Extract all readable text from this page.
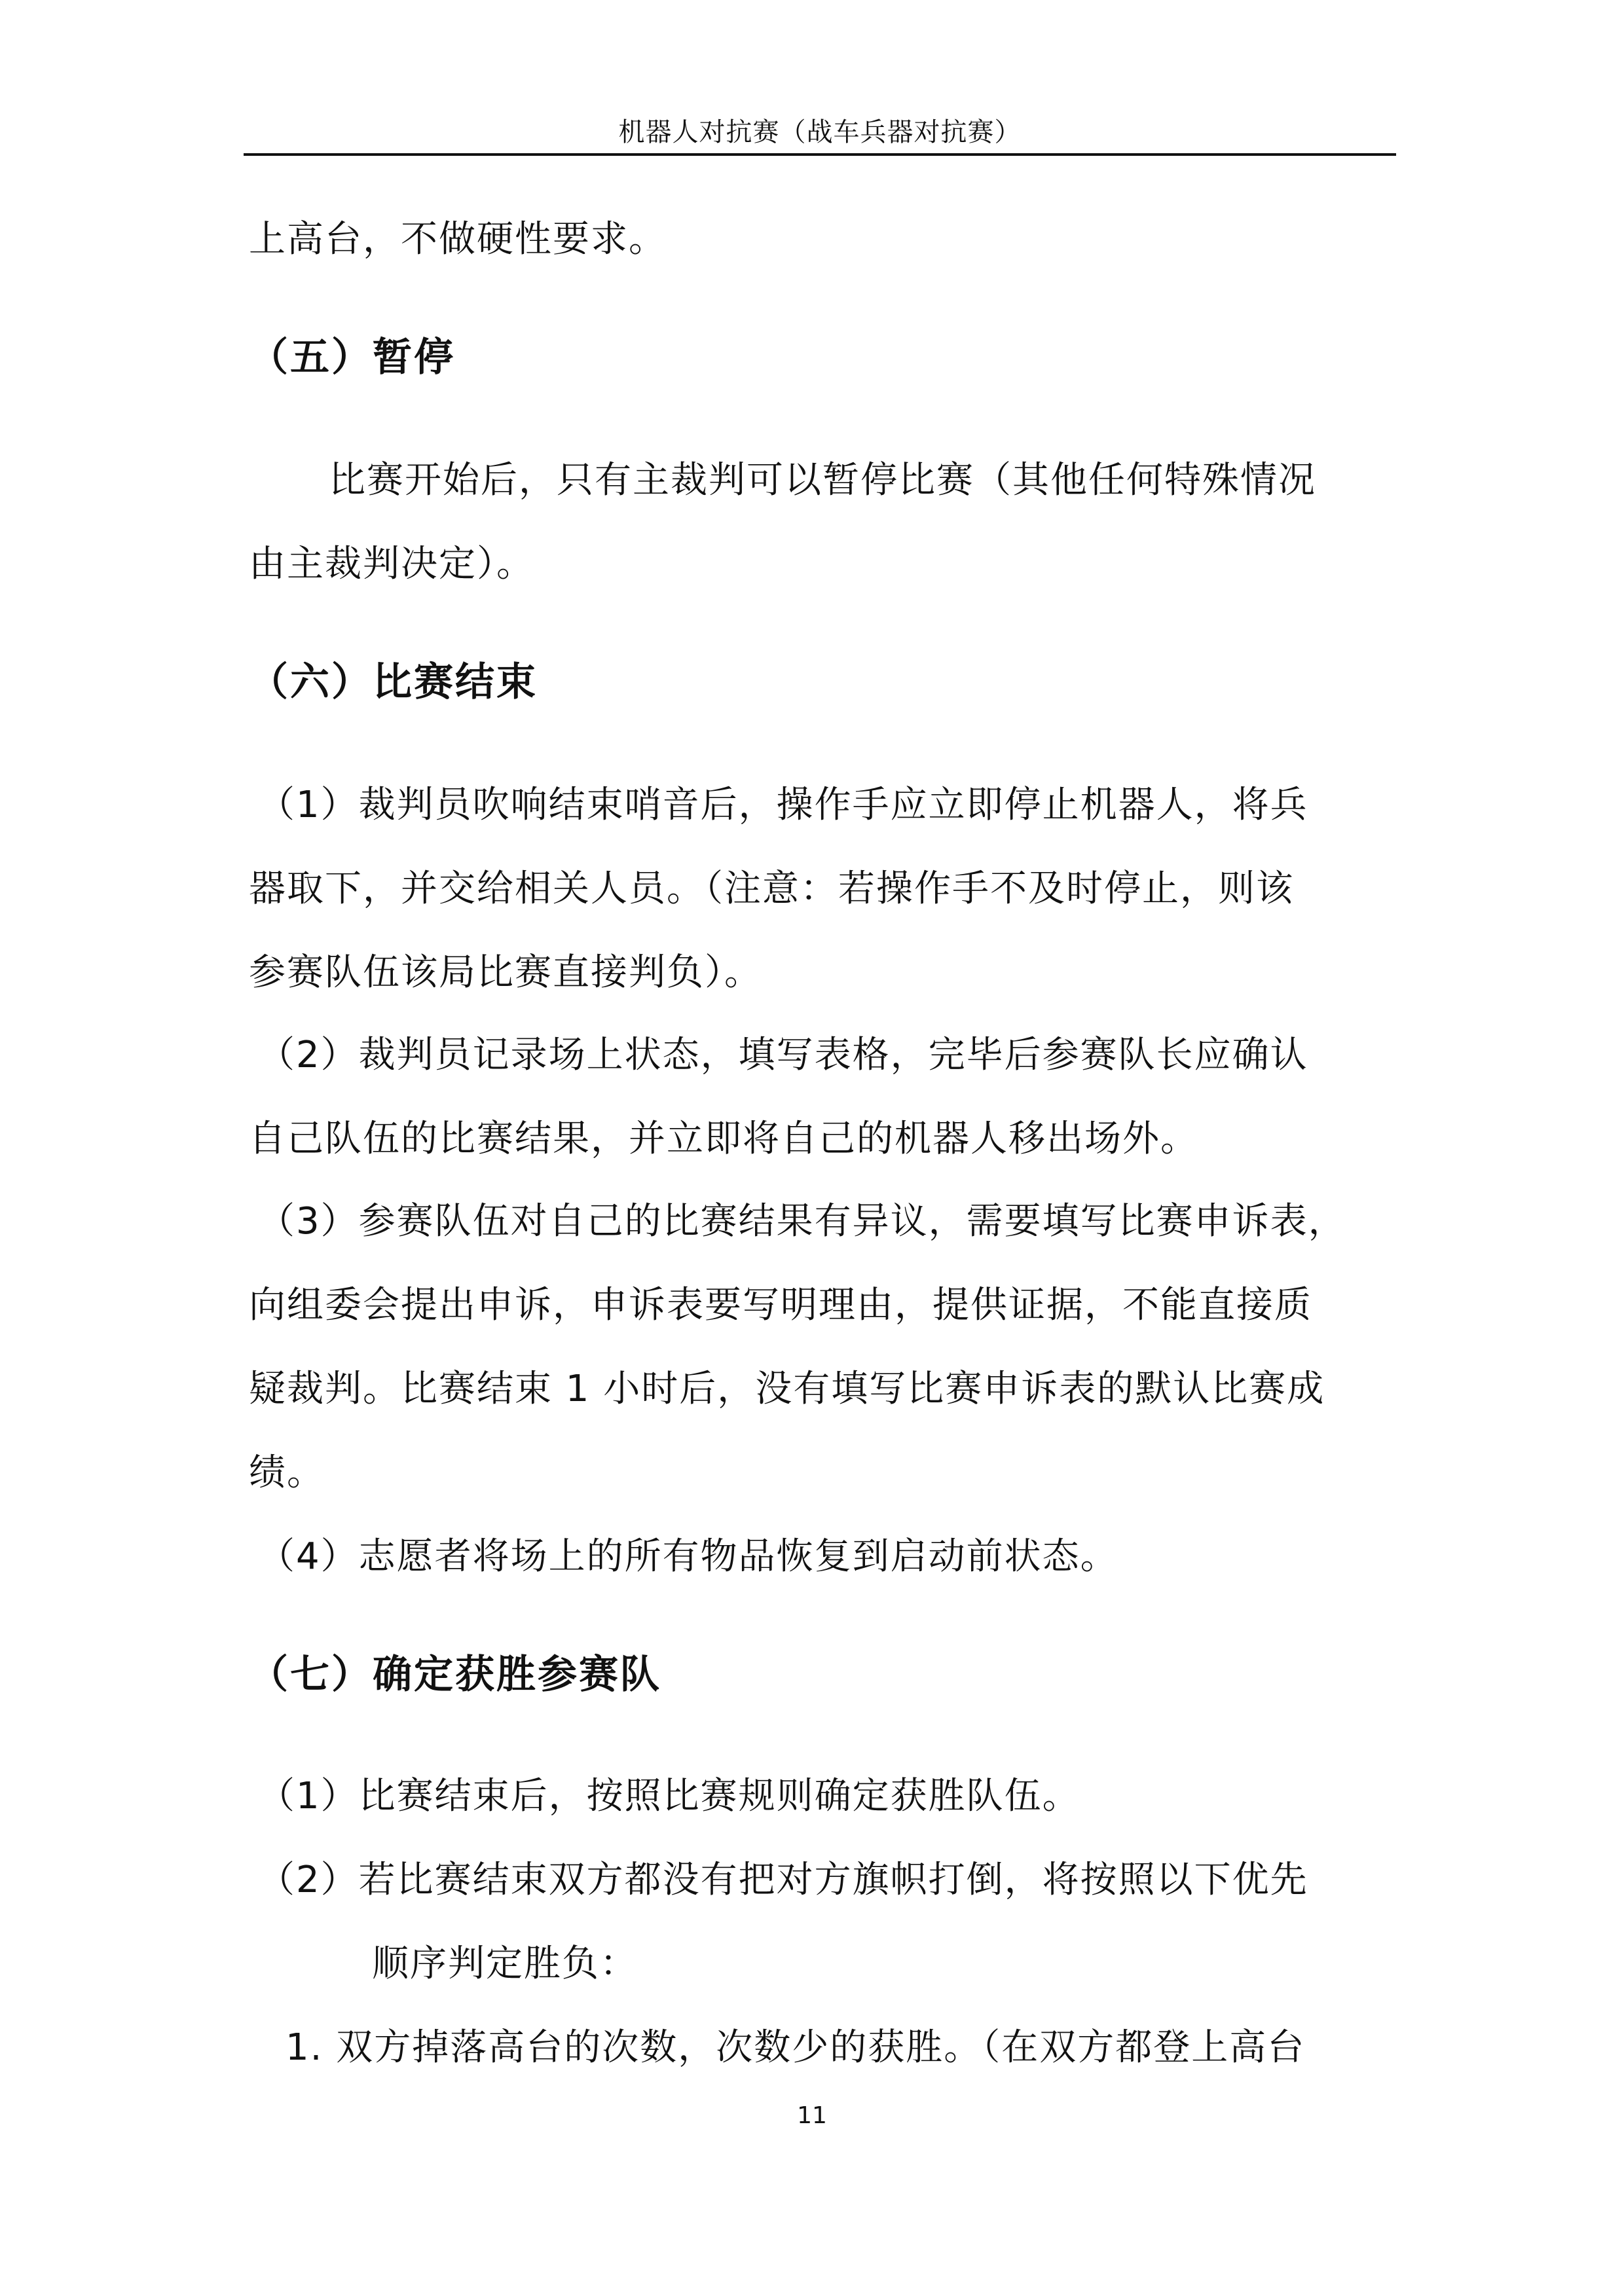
机器人对抗赛（战车兵器对抗赛）
上高台，不做硬性要求。
（五）暂停
比赛开始后，只有主裁判可以暂停比赛（其他任何特殊情况
由主裁判决定）。
（六）比赛结束
（1）裁判员吹响结束哨音后，操作手应立即停止机器人，将兵
器取下，并交给相关人员。（注意：若操作手不及时停止，则该
参赛队伍该局比赛直接判负）。
（2）裁判员记录场上状态，填写表格，完毕后参赛队长应确认
自己队伍的比赛结果，并立即将自己的机器人移出场外。
（3）参赛队伍对自己的比赛结果有异议，需要填写比赛申诉表，
向组委会提出申诉，申诉表要写明理由，提供证据，不能直接质
疑裁判。比赛结束 1 小时后，没有填写比赛申诉表的默认比赛成
绩。
（4）志愿者将场上的所有物品恢复到启动前状态。
（七）确定获胜参赛队
（1）比赛结束后，按照比赛规则确定获胜队伍。
（2）若比赛结束双方都没有把对方旗帜打倒，将按照以下优先
顺序判定胜负：
1. 双方掉落高台的次数，次数少的获胜。（在双方都登上高台
11
